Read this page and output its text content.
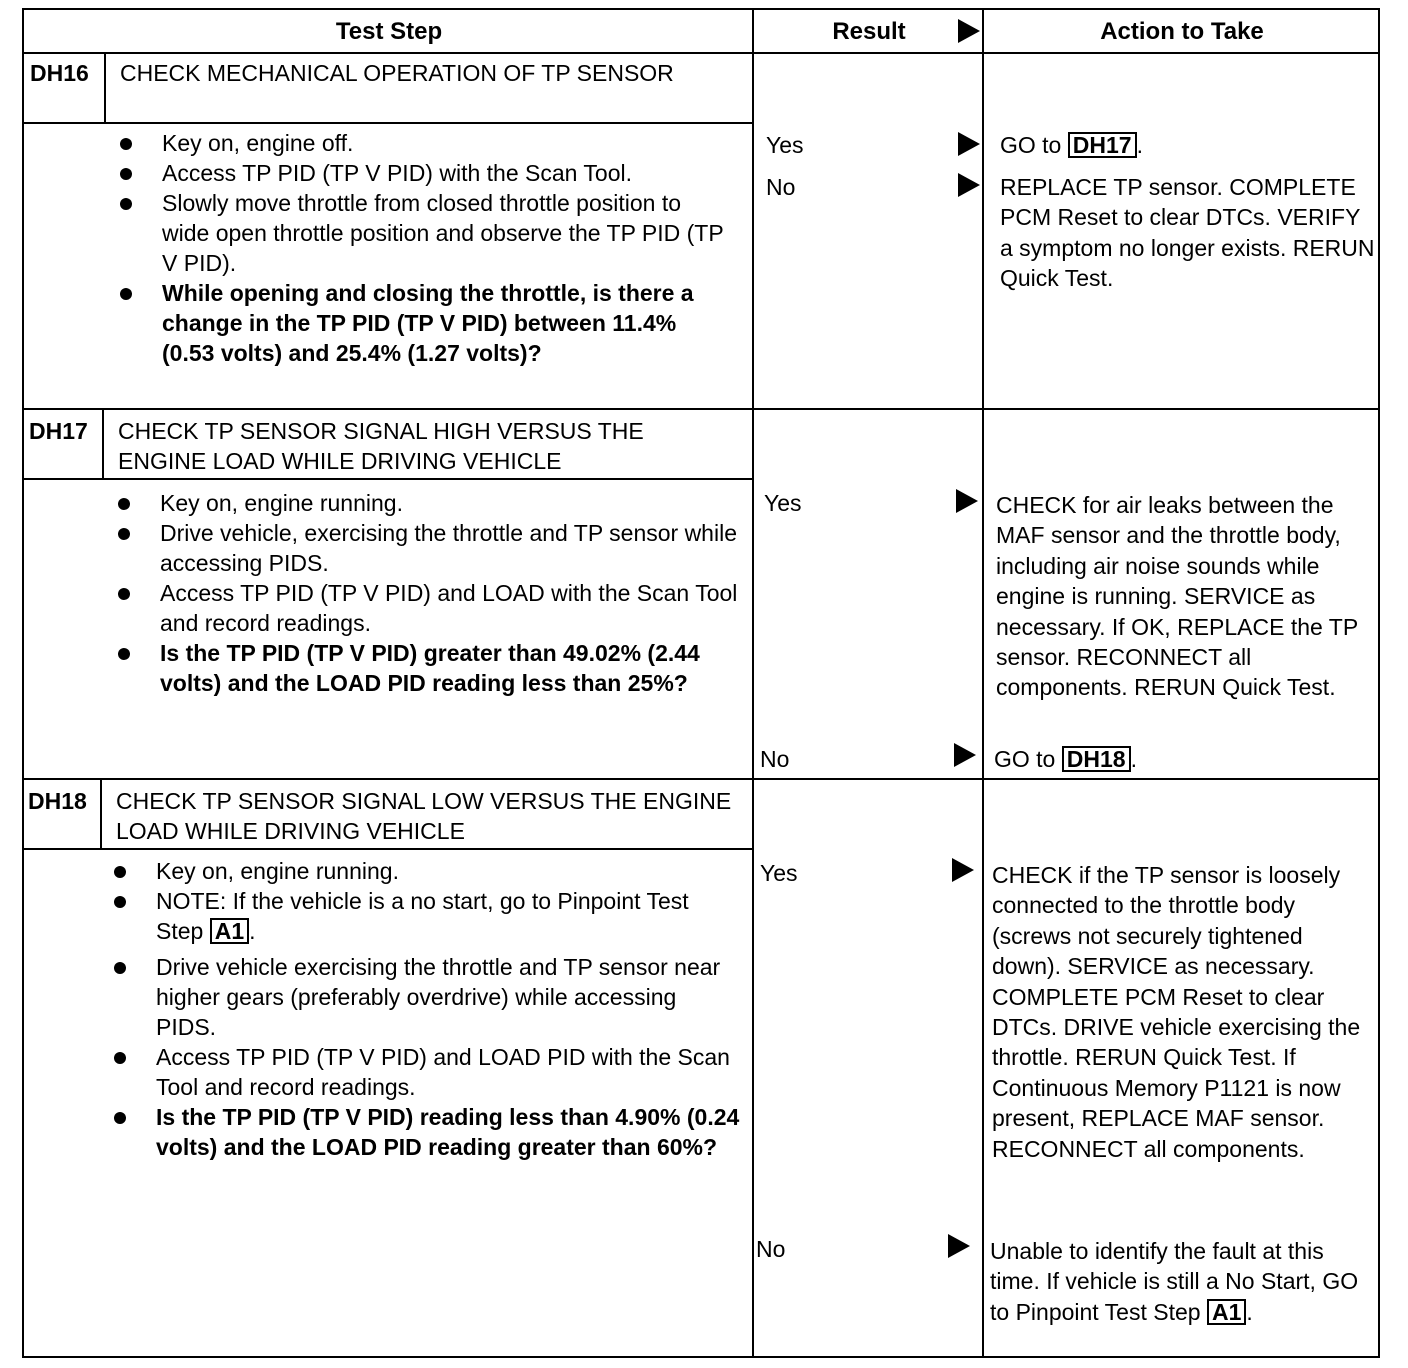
Test Step	Result	Action to Take
DH16 CHECK MECHANICAL OPERATION OF TP SENSOR
Key on, engine off.
Access TP PID (TP V PID) with the Scan Tool.
Slowly move throttle from closed throttle position to wide open throttle position and observe the TP PID (TP V PID).
While opening and closing the throttle, is there a change in the TP PID (TP V PID) between 11.4% (0.53 volts) and 25.4% (1.27 volts)?
Yes	GO to DH17 .
No	REPLACE TP sensor. COMPLETE PCM Reset to clear DTCs. VERIFY a symptom no longer exists. RERUN Quick Test.
DH17 CHECK TP SENSOR SIGNAL HIGH VERSUS THE ENGINE LOAD WHILE DRIVING VEHICLE
Key on, engine running.
Drive vehicle, exercising the throttle and TP sensor while accessing PIDS.
Access TP PID (TP V PID) and LOAD with the Scan Tool and record readings.
Is the TP PID (TP V PID) greater than 49.02% (2.44 volts) and the LOAD PID reading less than 25%?
Yes	CHECK for air leaks between the MAF sensor and the throttle body, including air noise sounds while engine is running. SERVICE as necessary. If OK, REPLACE the TP sensor. RECONNECT all components. RERUN Quick Test.
No	GO to DH18 .
DH18 CHECK TP SENSOR SIGNAL LOW VERSUS THE ENGINE LOAD WHILE DRIVING VEHICLE
Key on, engine running.
NOTE: If the vehicle is a no start, go to Pinpoint Test Step A1 .
Drive vehicle exercising the throttle and TP sensor near higher gears (preferably overdrive) while accessing PIDS.
Access TP PID (TP V PID) and LOAD PID with the Scan Tool and record readings.
Is the TP PID (TP V PID) reading less than 4.90% (0.24 volts) and the LOAD PID reading greater than 60%?
Yes	CHECK if the TP sensor is loosely connected to the throttle body (screws not securely tightened down). SERVICE as necessary. COMPLETE PCM Reset to clear DTCs. DRIVE vehicle exercising the throttle. RERUN Quick Test. If Continuous Memory P1121 is now present, REPLACE MAF sensor. RECONNECT all components.
No	Unable to identify the fault at this time. If vehicle is still a No Start, GO to Pinpoint Test Step A1 .
